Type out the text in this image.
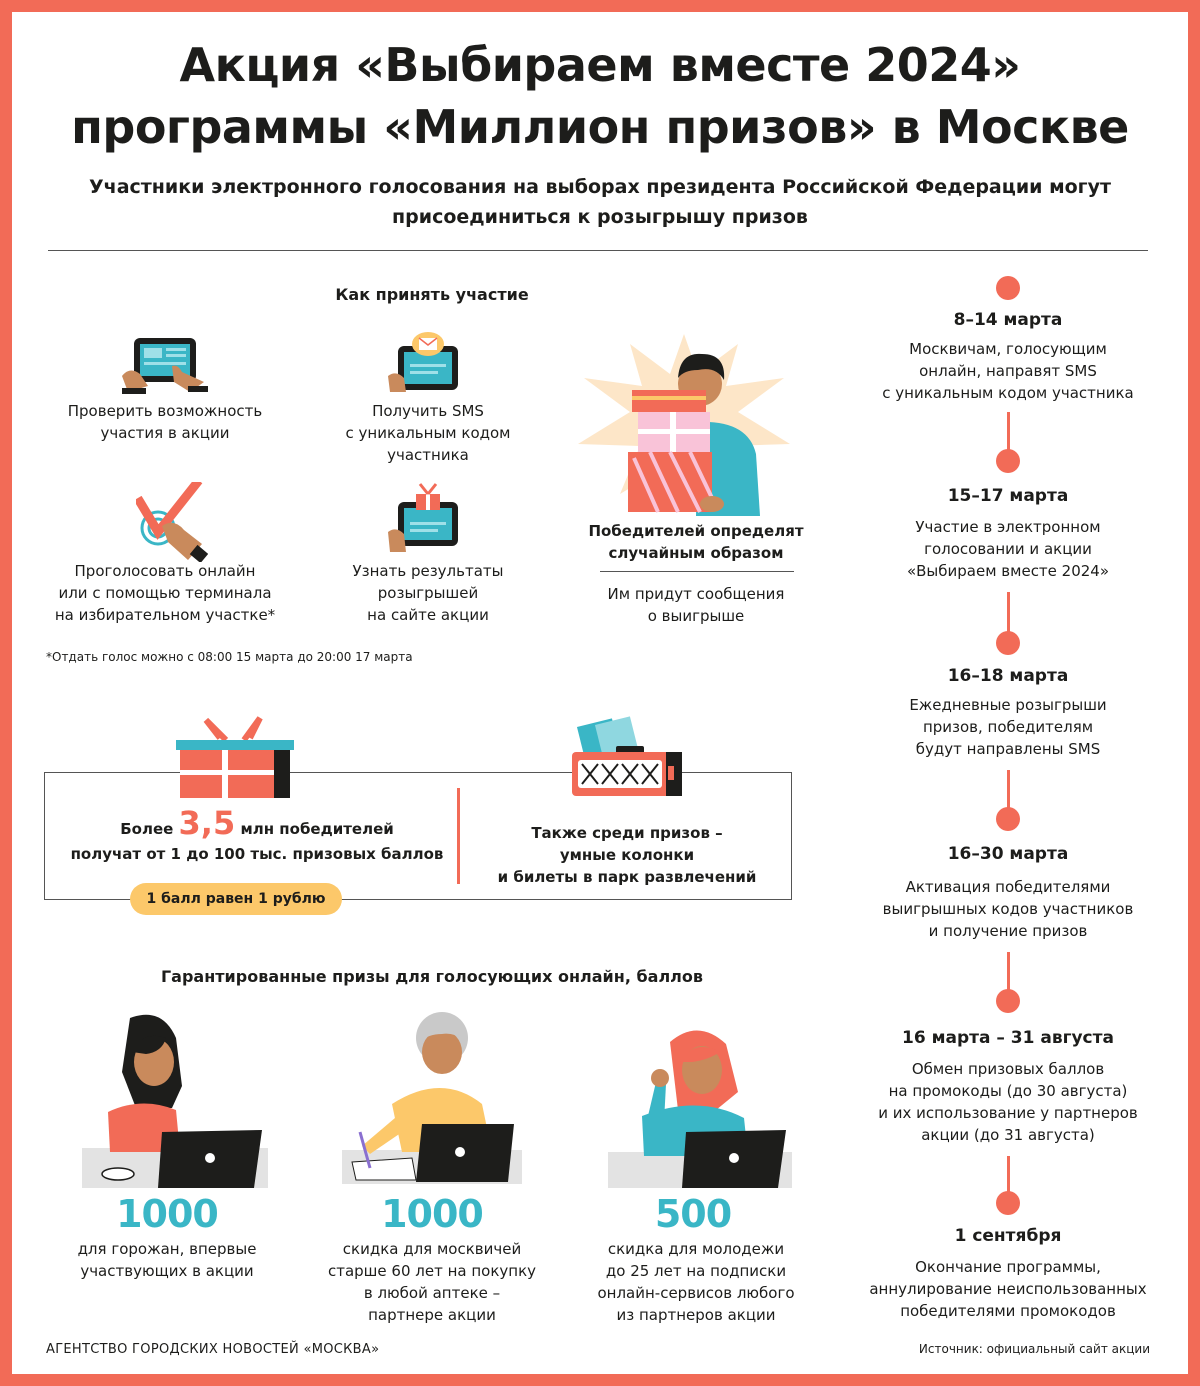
Акция «Выбираем вместе 2024»
программы «Миллион призов» в Москве
Участники электронного голосования на выборах президента Российской Федерации могут
присоединиться к розыгрышу призов
Как принять участие
Проверить возможность
участия в акции
Получить SMS
с уникальным кодом
участника
Проголосовать онлайн
или с помощью терминала
на избирательном участке*
Узнать результаты
розыгрышей
на сайте акции
Победителей определят
случайным образом
Им придут сообщения
о выигрыше
*Отдать голос можно с 08:00 15 марта до 20:00 17 марта
Более 3,5 млн победителей
получат от 1 до 100 тыс. призовых баллов
1 балл равен 1 рублю
Также среди призов –
умные колонки
и билеты в парк развлечений
Гарантированные призы для голосующих онлайн, баллов
1000
для горожан, впервые
участвующих в акции
1000
скидка для москвичей
старше 60 лет на покупку
в любой аптеке –
партнере акции
500
скидка для молодежи
до 25 лет на подписки
онлайн-сервисов любого
из партнеров акции
8–14 марта
Москвичам, голосующим
онлайн, направят SMS
с уникальным кодом участника
15–17 марта
Участие в электронном
голосовании и акции
«Выбираем вместе 2024»
16–18 марта
Ежедневные розыгрыши
призов, победителям
будут направлены SMS
16–30 марта
Активация победителями
выигрышных кодов участников
и получение призов
16 марта – 31 августа
Обмен призовых баллов
на промокоды (до 30 августа)
и их использование у партнеров
акции (до 31 августа)
1 сентября
Окончание программы,
аннулирование неиспользованных
победителями промокодов
АГЕНТСТВО ГОРОДСКИХ НОВОСТЕЙ «МОСКВА»	Источник: официальный сайт акции
